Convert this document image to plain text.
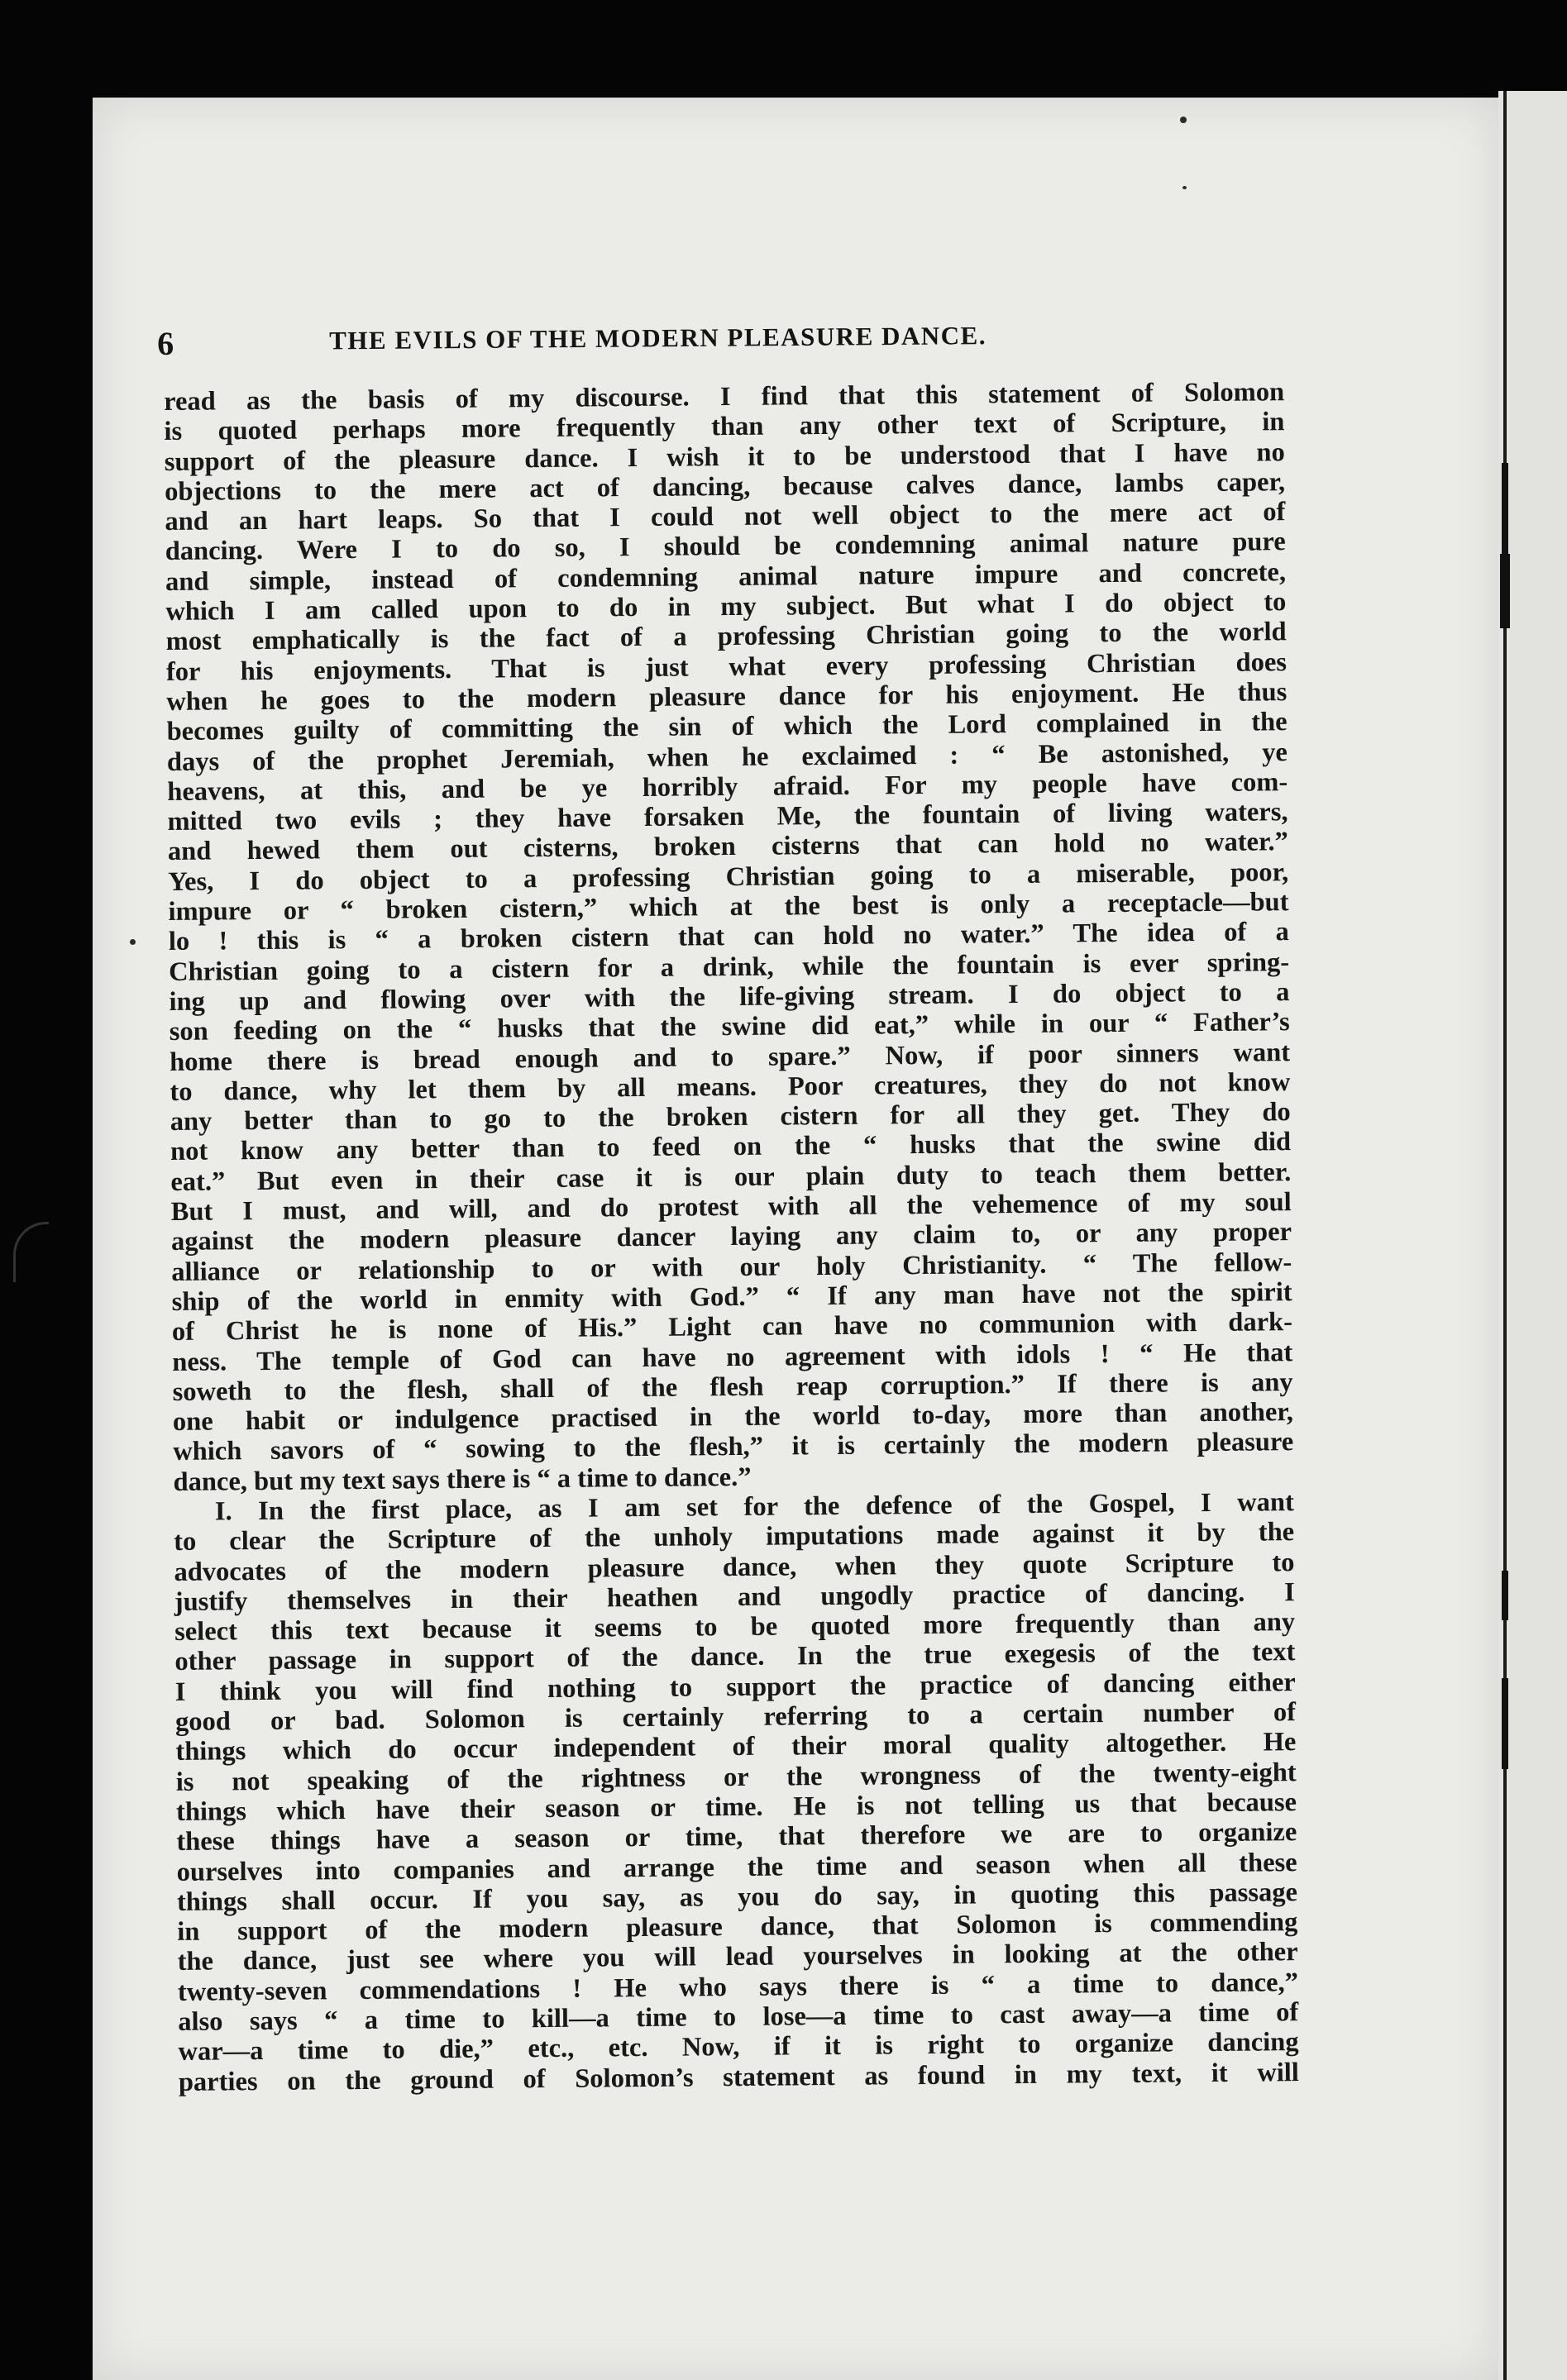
6	THE EVILS OF THE MODERN PLEASURE DANCE.
read as the basis of my discourse. I find that this statement of Solomon
is quoted perhaps more frequently than any other text of Scripture, in
support of the pleasure dance. I wish it to be understood that I have no
objections to the mere act of dancing, because calves dance, lambs caper,
and an hart leaps. So that I could not well object to the mere act of
dancing. Were I to do so, I should be condemning animal nature pure
and simple, instead of condemning animal nature impure and concrete,
which I am called upon to do in my subject. But what I do object to
most emphatically is the fact of a professing Christian going to the world
for his enjoyments. That is just what every professing Christian does
when he goes to the modern pleasure dance for his enjoyment. He thus
becomes guilty of committing the sin of which the Lord complained in the
days of the prophet Jeremiah, when he exclaimed : “ Be astonished, ye
heavens, at this, and be ye horribly afraid. For my people have com-
mitted two evils ; they have forsaken Me, the fountain of living waters,
and hewed them out cisterns, broken cisterns that can hold no water.”
Yes, I do object to a professing Christian going to a miserable, poor,
impure or “ broken cistern,” which at the best is only a receptacle—but
lo ! this is “ a broken cistern that can hold no water.” The idea of a
Christian going to a cistern for a drink, while the fountain is ever spring-
ing up and flowing over with the life-giving stream. I do object to a
son feeding on the “ husks that the swine did eat,” while in our “ Father’s
home there is bread enough and to spare.” Now, if poor sinners want
to dance, why let them by all means. Poor creatures, they do not know
any better than to go to the broken cistern for all they get. They do
not know any better than to feed on the “ husks that the swine did
eat.” But even in their case it is our plain duty to teach them better.
But I must, and will, and do protest with all the vehemence of my soul
against the modern pleasure dancer laying any claim to, or any proper
alliance or relationship to or with our holy Christianity. “ The fellow-
ship of the world in enmity with God.” “ If any man have not the spirit
of Christ he is none of His.” Light can have no communion with dark-
ness. The temple of God can have no agreement with idols ! “ He that
soweth to the flesh, shall of the flesh reap corruption.” If there is any
one habit or indulgence practised in the world to-day, more than another,
which savors of “ sowing to the flesh,” it is certainly the modern pleasure
dance, but my text says there is “ a time to dance.”
I. In the first place, as I am set for the defence of the Gospel, I want
to clear the Scripture of the unholy imputations made against it by the
advocates of the modern pleasure dance, when they quote Scripture to
justify themselves in their heathen and ungodly practice of dancing. I
select this text because it seems to be quoted more frequently than any
other passage in support of the dance. In the true exegesis of the text
I think you will find nothing to support the practice of dancing either
good or bad. Solomon is certainly referring to a certain number of
things which do occur independent of their moral quality altogether. He
is not speaking of the rightness or the wrongness of the twenty-eight
things which have their season or time. He is not telling us that because
these things have a season or time, that therefore we are to organize
ourselves into companies and arrange the time and season when all these
things shall occur. If you say, as you do say, in quoting this passage
in support of the modern pleasure dance, that Solomon is commending
the dance, just see where you will lead yourselves in looking at the other
twenty-seven commendations ! He who says there is “ a time to dance,”
also says “ a time to kill—a time to lose—a time to cast away—a time of
war—a time to die,” etc., etc. Now, if it is right to organize dancing
parties on the ground of Solomon’s statement as found in my text, it will
